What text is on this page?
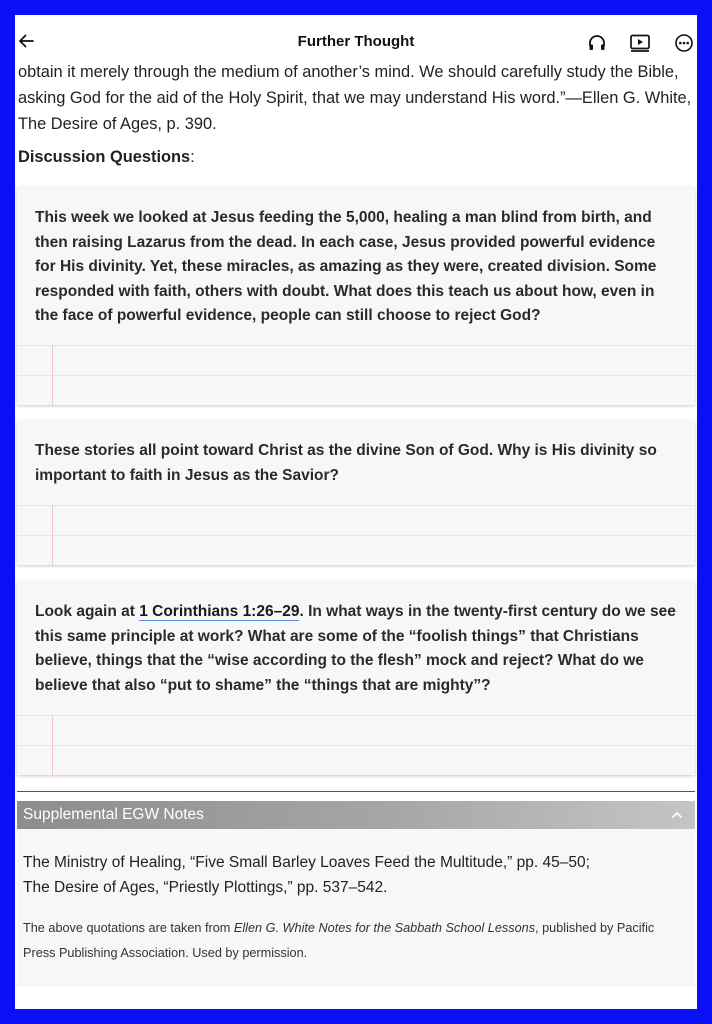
Further Thought

obtain it merely through the medium of another’s mind. We should carefully study the Bible, asking God for the aid of the Holy Spirit, that we may understand His word.”—Ellen G. White, The Desire of Ages, p. 390.

Discussion Questions:
This week we looked at Jesus feeding the 5,000, healing a man blind from birth, and then raising Lazarus from the dead. In each case, Jesus provided powerful evidence for His divinity. Yet, these miracles, as amazing as they were, created division. Some responded with faith, others with doubt. What does this teach us about how, even in the face of powerful evidence, people can still choose to reject God?
These stories all point toward Christ as the divine Son of God. Why is His divinity so important to faith in Jesus as the Savior?
Look again at 1 Corinthians 1:26–29. In what ways in the twenty-first century do we see this same principle at work? What are some of the “foolish things” that Christians believe, things that the “wise according to the flesh” mock and reject? What do we believe that also “put to shame” the “things that are mighty”?
Supplemental EGW Notes
The Ministry of Healing, “Five Small Barley Loaves Feed the Multitude,” pp. 45–50;
The Desire of Ages, “Priestly Plottings,” pp. 537–542.
The above quotations are taken from Ellen G. White Notes for the Sabbath School Lessons, published by Pacific Press Publishing Association. Used by permission.
